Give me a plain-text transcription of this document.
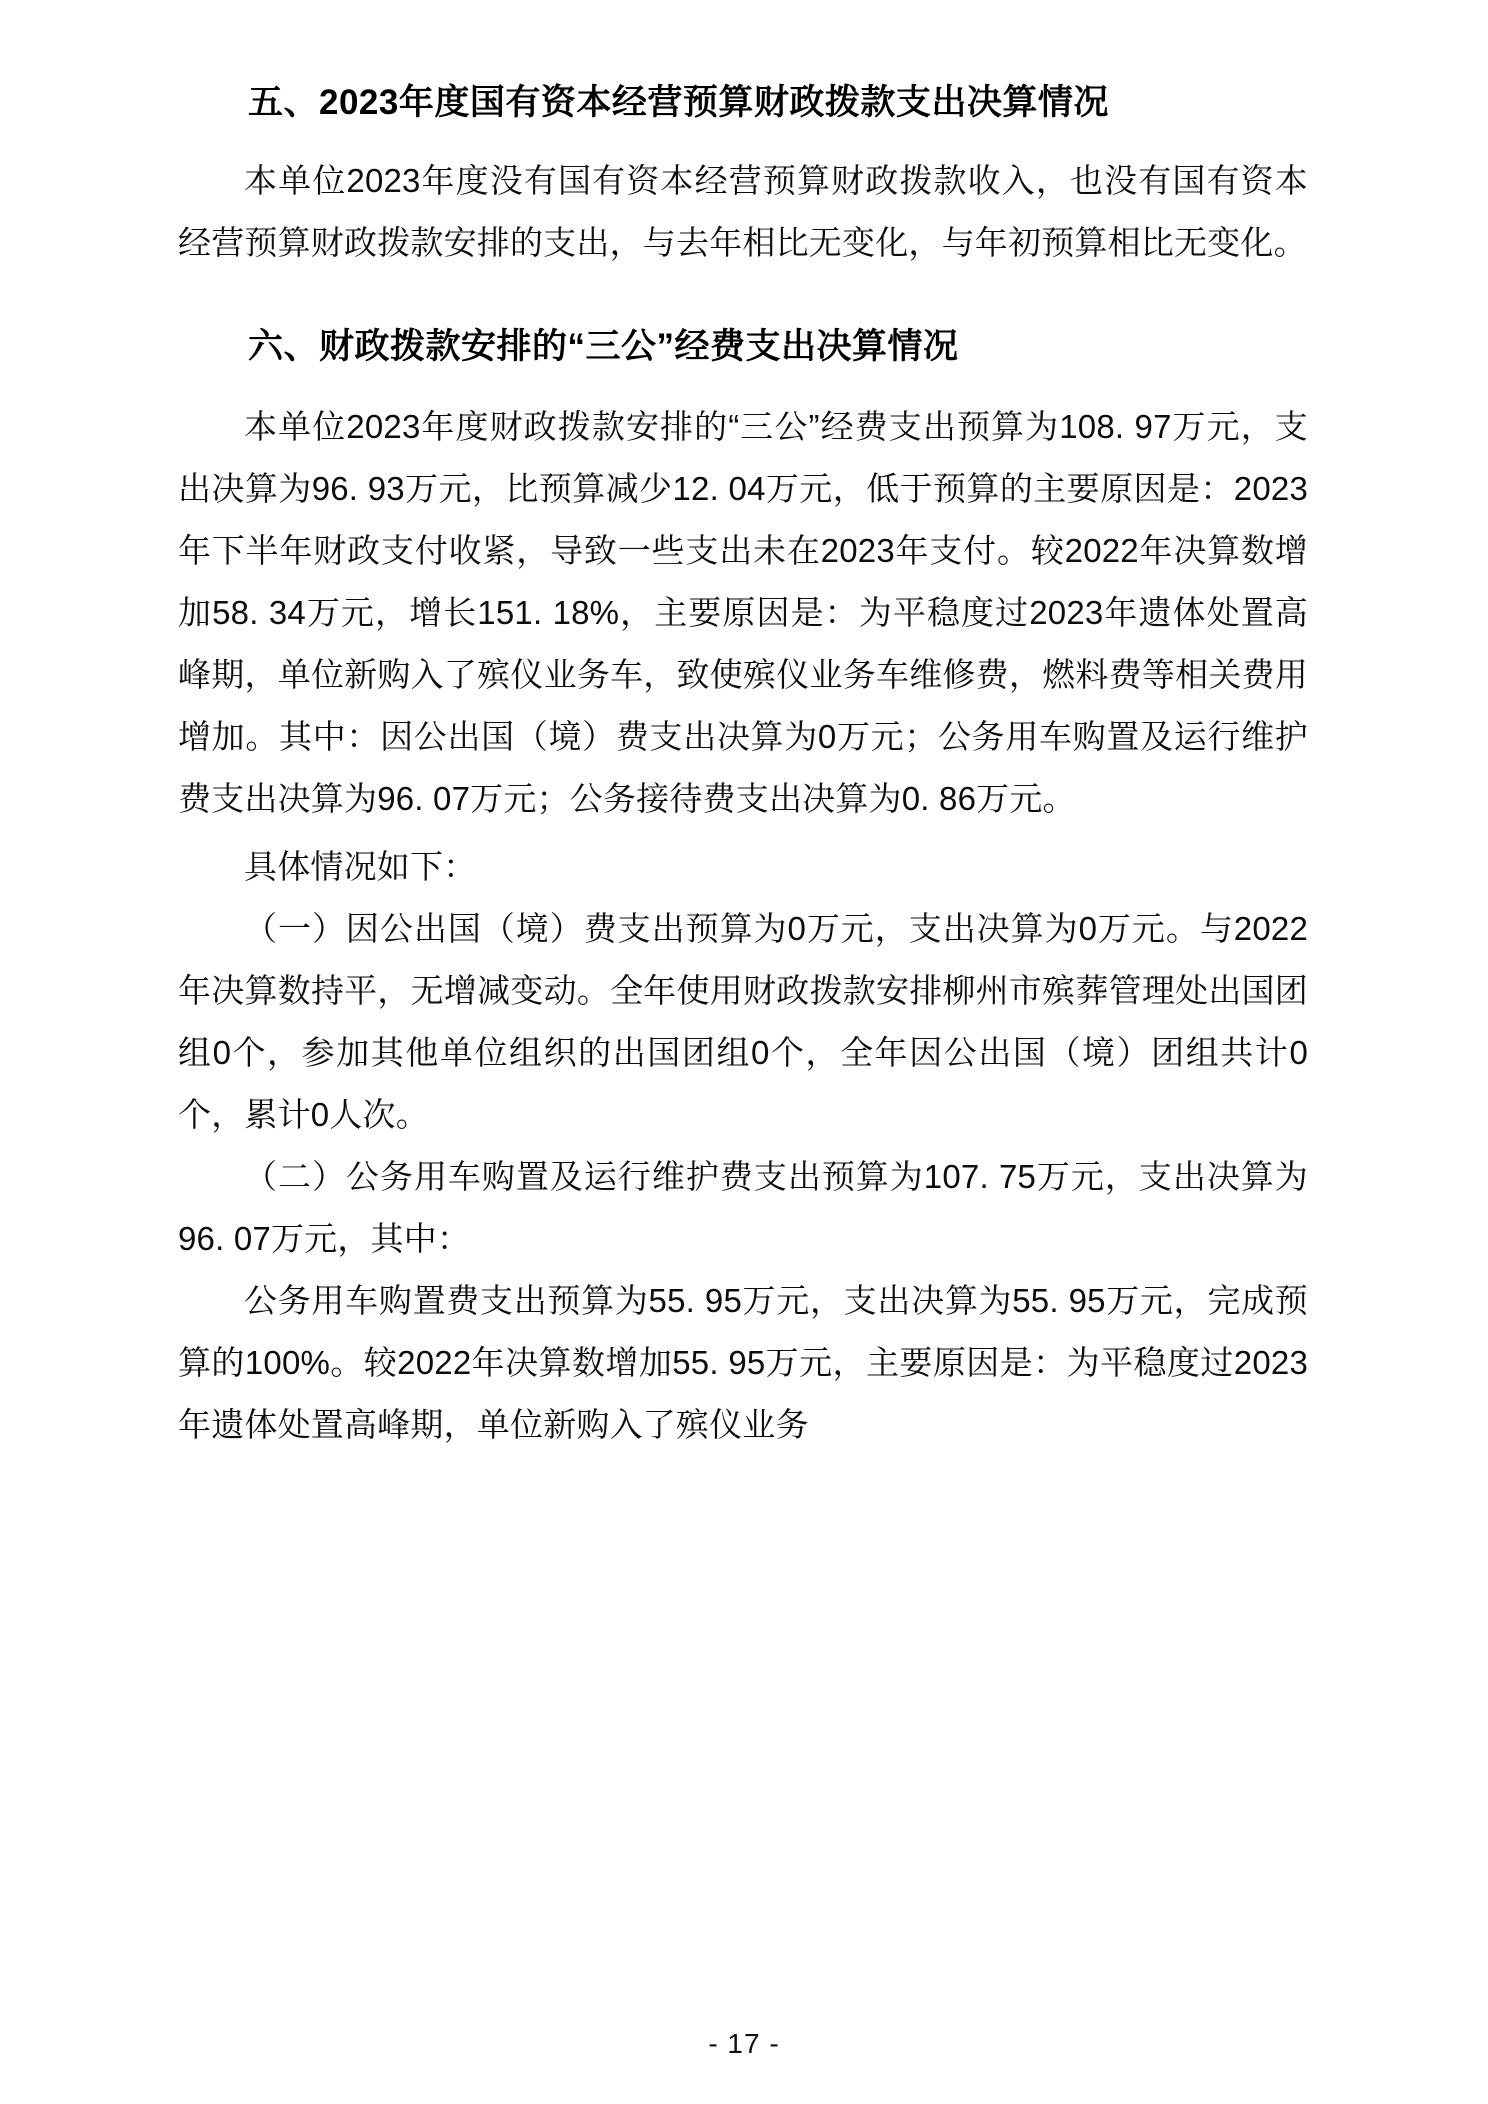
五、2023年度国有资本经营预算财政拨款支出决算情况

本单位2023年度没有国有资本经营预算财政拨款收入，也没有国有资本经营预算财政拨款安排的支出，与去年相比无变化，与年初预算相比无变化。

六、财政拨款安排的“三公”经费支出决算情况

本单位2023年度财政拨款安排的“三公”经费支出预算为108. 97万元，支出决算为96. 93万元，比预算减少12. 04万元，低于预算的主要原因是：2023年下半年财政支付收紧，导致一些支出未在2023年支付。较2022年决算数增加58. 34万元，增长151. 18%，主要原因是：为平稳度过2023年遗体处置高峰期，单位新购入了殡仪业务车，致使殡仪业务车维修费，燃料费等相关费用增加。其中：因公出国（境）费支出决算为0万元；公务用车购置及运行维护费支出决算为96. 07万元；公务接待费支出决算为0. 86万元。

具体情况如下：

（一）因公出国（境）费支出预算为0万元，支出决算为0万元。与2022年决算数持平，无增减变动。全年使用财政拨款安排柳州市殡葬管理处出国团组0个，参加其他单位组织的出国团组0个，全年因公出国（境）团组共计0个，累计0人次。

（二）公务用车购置及运行维护费支出预算为107. 75万元，支出决算为96. 07万元，其中：

公务用车购置费支出预算为55. 95万元，支出决算为55. 95万元，完成预算的100%。较2022年决算数增加55. 95万元，主要原因是：为平稳度过2023年遗体处置高峰期，单位新购入了殡仪业务

- 17 -
